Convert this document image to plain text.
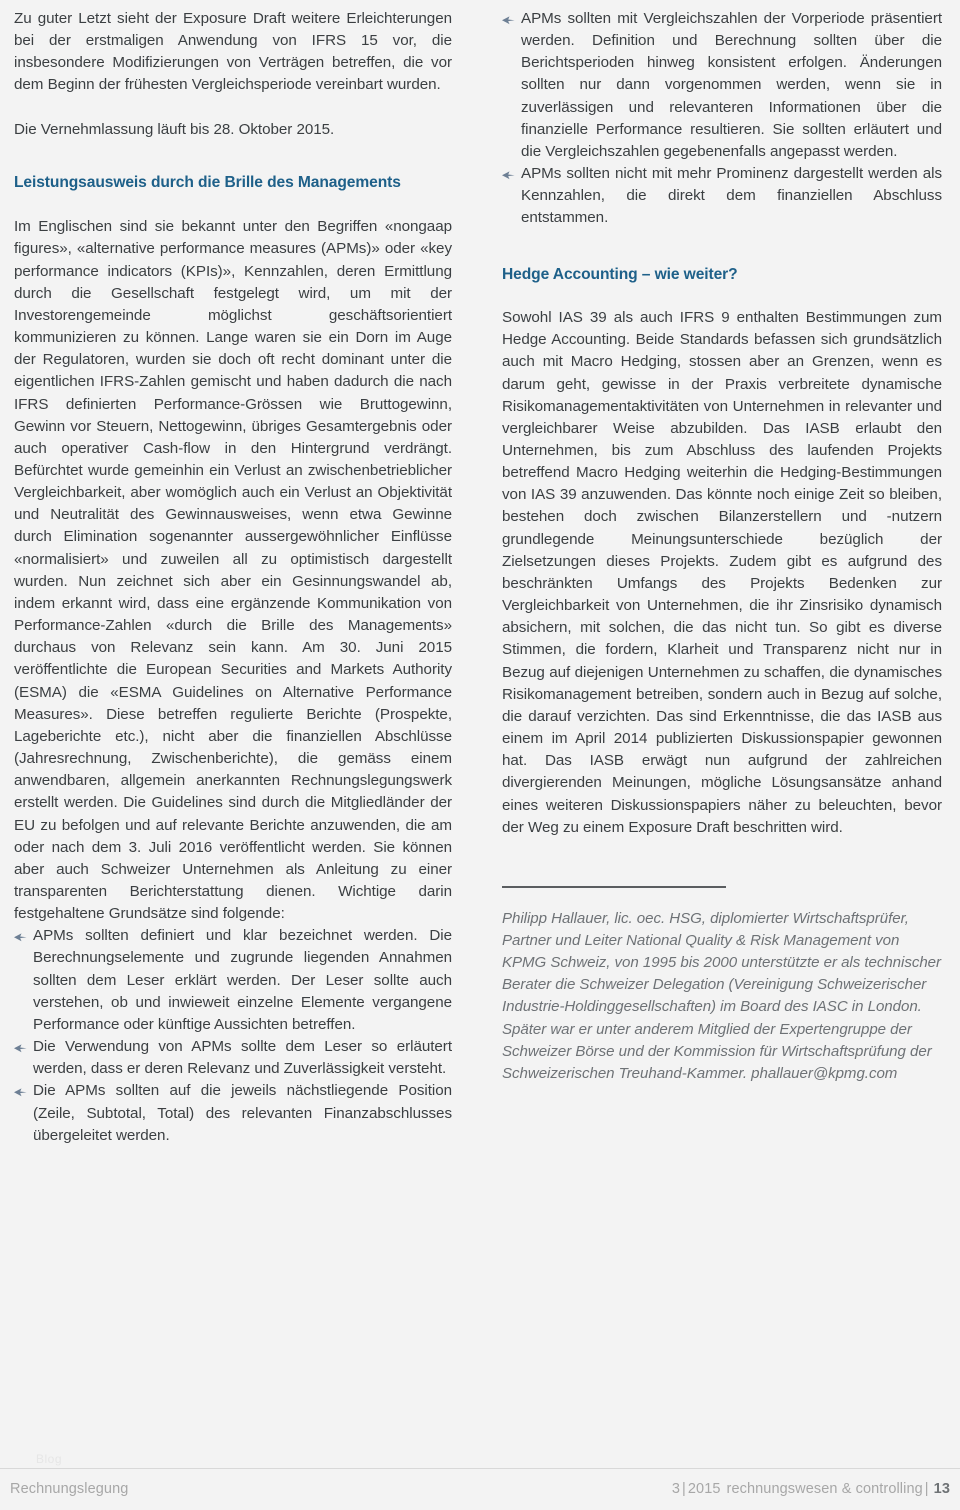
Zu guter Letzt sieht der Exposure Draft weitere Erleichterungen bei der erstmaligen Anwendung von IFRS 15 vor, die insbesondere Modifizierungen von Verträgen betreffen, die vor dem Beginn der frühesten Vergleichsperiode vereinbart wurden.

Die Vernehmlassung läuft bis 28. Oktober 2015.

Leistungsausweis durch die Brille des Managements

Im Englischen sind sie bekannt unter den Begriffen «nongaap figures», «alternative performance measures (APMs)» oder «key performance indicators (KPIs)», Kennzahlen, deren Ermittlung durch die Gesellschaft festgelegt wird, um mit der Investorengemeinde möglichst geschäftsorientiert kommunizieren zu können. Lange waren sie ein Dorn im Auge der Regulatoren, wurden sie doch oft recht dominant unter die eigentlichen IFRS-Zahlen gemischt und haben dadurch die nach IFRS definierten Performance-Grössen wie Bruttogewinn, Gewinn vor Steuern, Nettogewinn, übriges Gesamtergebnis oder auch operativer Cash-flow in den Hintergrund verdrängt. Befürchtet wurde gemeinhin ein Verlust an zwischenbetrieblicher Vergleichbarkeit, aber womöglich auch ein Verlust an Objektivität und Neutralität des Gewinnausweises, wenn etwa Gewinne durch Elimination sogenannter aussergewöhnlicher Einflüsse «normalisiert» und zuweilen all zu optimistisch dargestellt wurden. Nun zeichnet sich aber ein Gesinnungswandel ab, indem erkannt wird, dass eine ergänzende Kommunikation von Performance-Zahlen «durch die Brille des Managements» durchaus von Relevanz sein kann. Am 30. Juni 2015 veröffentlichte die European Securities and Markets Authority (ESMA) die «ESMA Guidelines on Alternative Performance Measures». Diese betreffen regulierte Berichte (Prospekte, Lageberichte etc.), nicht aber die finanziellen Abschlüsse (Jahresrechnung, Zwischenberichte), die gemäss einem anwendbaren, allgemein anerkannten Rechnungslegungswerk erstellt werden. Die Guidelines sind durch die Mitgliedländer der EU zu befolgen und auf relevante Berichte anzuwenden, die am oder nach dem 3. Juli 2016 veröffentlicht werden. Sie können aber auch Schweizer Unternehmen als Anleitung zu einer transparenten Berichterstattung dienen. Wichtige darin festgehaltene Grundsätze sind folgende:

APMs sollten definiert und klar bezeichnet werden. Die Berechnungselemente und zugrunde liegenden Annahmen sollten dem Leser erklärt werden. Der Leser sollte auch verstehen, ob und inwieweit einzelne Elemente vergangene Performance oder künftige Aussichten betreffen.
Die Verwendung von APMs sollte dem Leser so erläutert werden, dass er deren Relevanz und Zuverlässigkeit versteht.
Die APMs sollten auf die jeweils nächstliegende Position (Zeile, Subtotal, Total) des relevanten Finanzabschlusses übergeleitet werden.
APMs sollten mit Vergleichszahlen der Vorperiode präsentiert werden. Definition und Berechnung sollten über die Berichtsperioden hinweg konsistent erfolgen. Änderungen sollten nur dann vorgenommen werden, wenn sie in zuverlässigen und relevanteren Informationen über die finanzielle Performance resultieren. Sie sollten erläutert und die Vergleichszahlen gegebenenfalls angepasst werden.
APMs sollten nicht mit mehr Prominenz dargestellt werden als Kennzahlen, die direkt dem finanziellen Abschluss entstammen.
Hedge Accounting – wie weiter?

Sowohl IAS 39 als auch IFRS 9 enthalten Bestimmungen zum Hedge Accounting. Beide Standards befassen sich grundsätzlich auch mit Macro Hedging, stossen aber an Grenzen, wenn es darum geht, gewisse in der Praxis verbreitete dynamische Risikomanagementaktivitäten von Unternehmen in relevanter und vergleichbarer Weise abzubilden. Das IASB erlaubt den Unternehmen, bis zum Abschluss des laufenden Projekts betreffend Macro Hedging weiterhin die Hedging-Bestimmungen von IAS 39 anzuwenden. Das könnte noch einige Zeit so bleiben, bestehen doch zwischen Bilanzerstellern und -nutzern grundlegende Meinungsunterschiede bezüglich der Zielsetzungen dieses Projekts. Zudem gibt es aufgrund des beschränkten Umfangs des Projekts Bedenken zur Vergleichbarkeit von Unternehmen, die ihr Zinsrisiko dynamisch absichern, mit solchen, die das nicht tun. So gibt es diverse Stimmen, die fordern, Klarheit und Transparenz nicht nur in Bezug auf diejenigen Unternehmen zu schaffen, die dynamisches Risikomanagement betreiben, sondern auch in Bezug auf solche, die darauf verzichten. Das sind Erkenntnisse, die das IASB aus einem im April 2014 publizierten Diskussionspapier gewonnen hat. Das IASB erwägt nun aufgrund der zahlreichen divergierenden Meinungen, mögliche Lösungsansätze anhand eines weiteren Diskussionspapiers näher zu beleuchten, bevor der Weg zu einem Exposure Draft beschritten wird.

Philipp Hallauer, lic. oec. HSG, diplomierter Wirtschaftsprüfer, Partner und Leiter National Quality & Risk Management von KPMG Schweiz, von 1995 bis 2000 unterstützte er als technischer Berater die Schweizer Delegation (Vereinigung Schweizerischer Industrie-Holdinggesellschaften) im Board des IASC in London. Später war er unter anderem Mitglied der Expertengruppe der Schweizer Börse und der Kommission für Wirtschaftsprüfung der Schweizerischen Treuhand-Kammer. phallauer@kpmg.com
Blog
Rechnungslegung	3 | 2015 rechnungswesen & controlling | 13
